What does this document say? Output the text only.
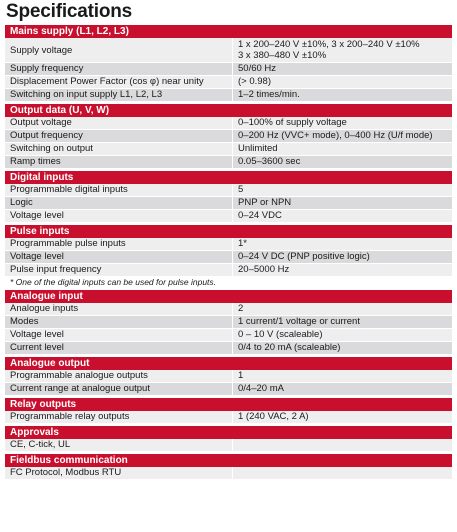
Specifications
Mains supply (L1, L2, L3)
Supply voltage	1 x 200–240 V ±10%, 3 x 200–240 V ±10%
3 x 380–480 V ±10%
Supply frequency	50/60 Hz
Displacement Power Factor (cos φ) near unity	(> 0.98)
Switching on input supply L1, L2, L3	1–2 times/min.
Output data (U, V, W)
Output voltage	0–100% of supply voltage
Output frequency	0–200 Hz (VVC+ mode), 0–400 Hz (U/f mode)
Switching on output	Unlimited
Ramp times	0.05–3600 sec
Digital inputs
Programmable digital inputs	5
Logic	PNP or NPN
Voltage level	0–24 VDC
Pulse inputs
Programmable pulse inputs	1*
Voltage level	0–24 V DC (PNP positive logic)
Pulse input frequency	20–5000 Hz
* One of the digital inputs can be used for pulse inputs.
Analogue input
Analogue inputs	2
Modes	1 current/1 voltage or current
Voltage level	0 – 10 V (scaleable)
Current level	0/4 to 20 mA (scaleable)
Analogue output
Programmable analogue outputs	1
Current range at analogue output	0/4–20 mA
Relay outputs
Programmable relay outputs	1 (240 VAC, 2 A)
Approvals
CE, C-tick, UL
Fieldbus communication
FC Protocol, Modbus RTU
